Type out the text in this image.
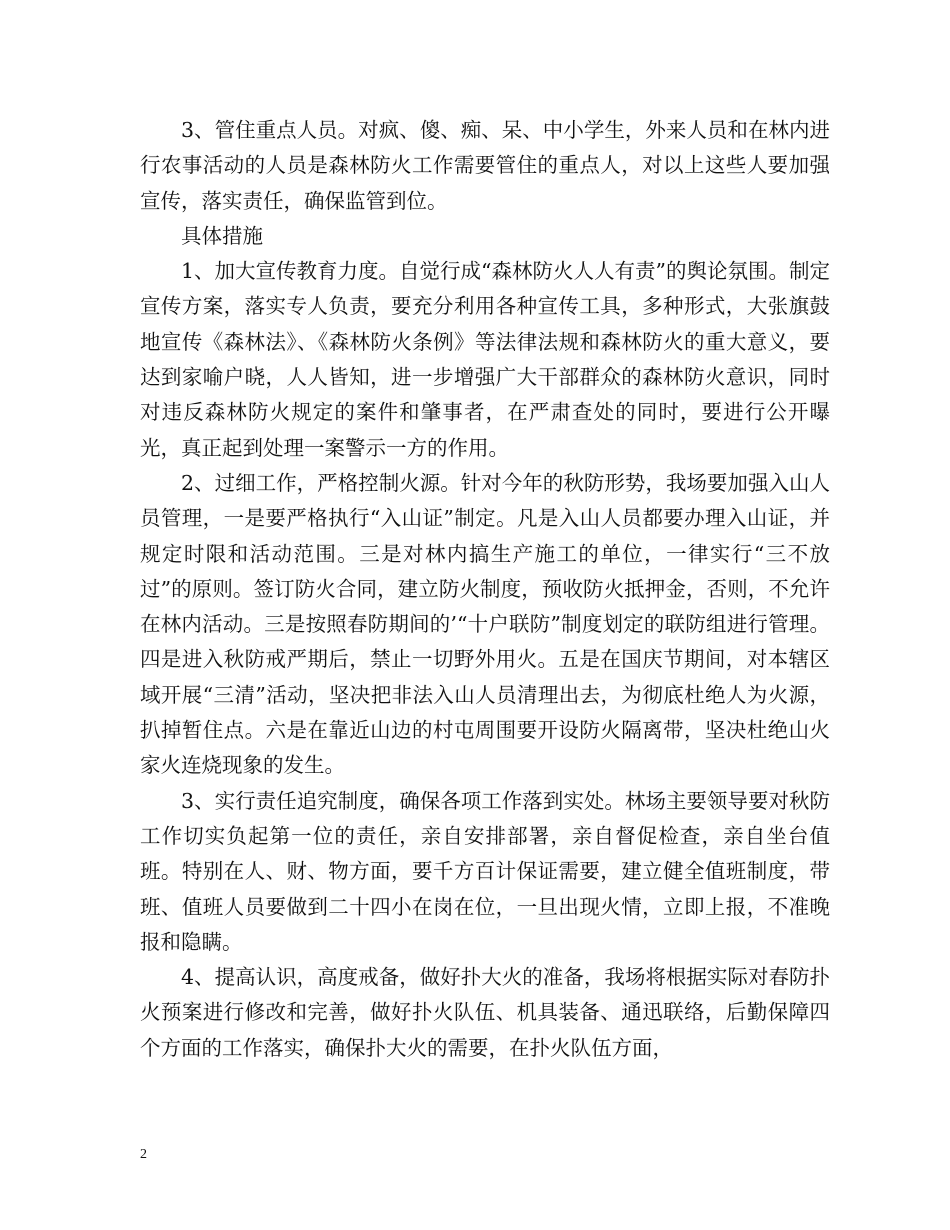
3、管住重点人员。对疯、傻、痴、呆、中小学生，外来人员和在林内进行农事活动的人员是森林防火工作需要管住的重点人，对以上这些人要加强宣传，落实责任，确保监管到位。

具体措施

1、加大宣传教育力度。自觉行成“森林防火人人有责”的舆论氛围。制定宣传方案，落实专人负责，要充分利用各种宣传工具，多种形式，大张旗鼓地宣传《森林法》、《森林防火条例》等法律法规和森林防火的重大意义，要达到家喻户晓，人人皆知，进一步增强广大干部群众的森林防火意识，同时对违反森林防火规定的案件和肇事者，在严肃查处的同时，要进行公开曝光，真正起到处理一案警示一方的作用。

2、过细工作，严格控制火源。针对今年的秋防形势，我场要加强入山人员管理，一是要严格执行“入山证”制定。凡是入山人员都要办理入山证，并规定时限和活动范围。三是对林内搞生产施工的单位，一律实行“三不放过”的原则。签订防火合同，建立防火制度，预收防火抵押金，否则，不允许在林内活动。三是按照春防期间的’“十户联防”制度划定的联防组进行管理。四是进入秋防戒严期后，禁止一切野外用火。五是在国庆节期间，对本辖区域开展“三清”活动，坚决把非法入山人员清理出去，为彻底杜绝人为火源，扒掉暂住点。六是在靠近山边的村屯周围要开设防火隔离带，坚决杜绝山火家火连烧现象的发生。

3、实行责任追究制度，确保各项工作落到实处。林场主要领导要对秋防工作切实负起第一位的责任，亲自安排部署，亲自督促检查，亲自坐台值班。特别在人、财、物方面，要千方百计保证需要，建立健全值班制度，带班、值班人员要做到二十四小在岗在位，一旦出现火情，立即上报，不准晚报和隐瞒。

4、提高认识，高度戒备，做好扑大火的准备，我场将根据实际对春防扑火预案进行修改和完善，做好扑火队伍、机具装备、通迅联络，后勤保障四个方面的工作落实，确保扑大火的需要，在扑火队伍方面，

2
